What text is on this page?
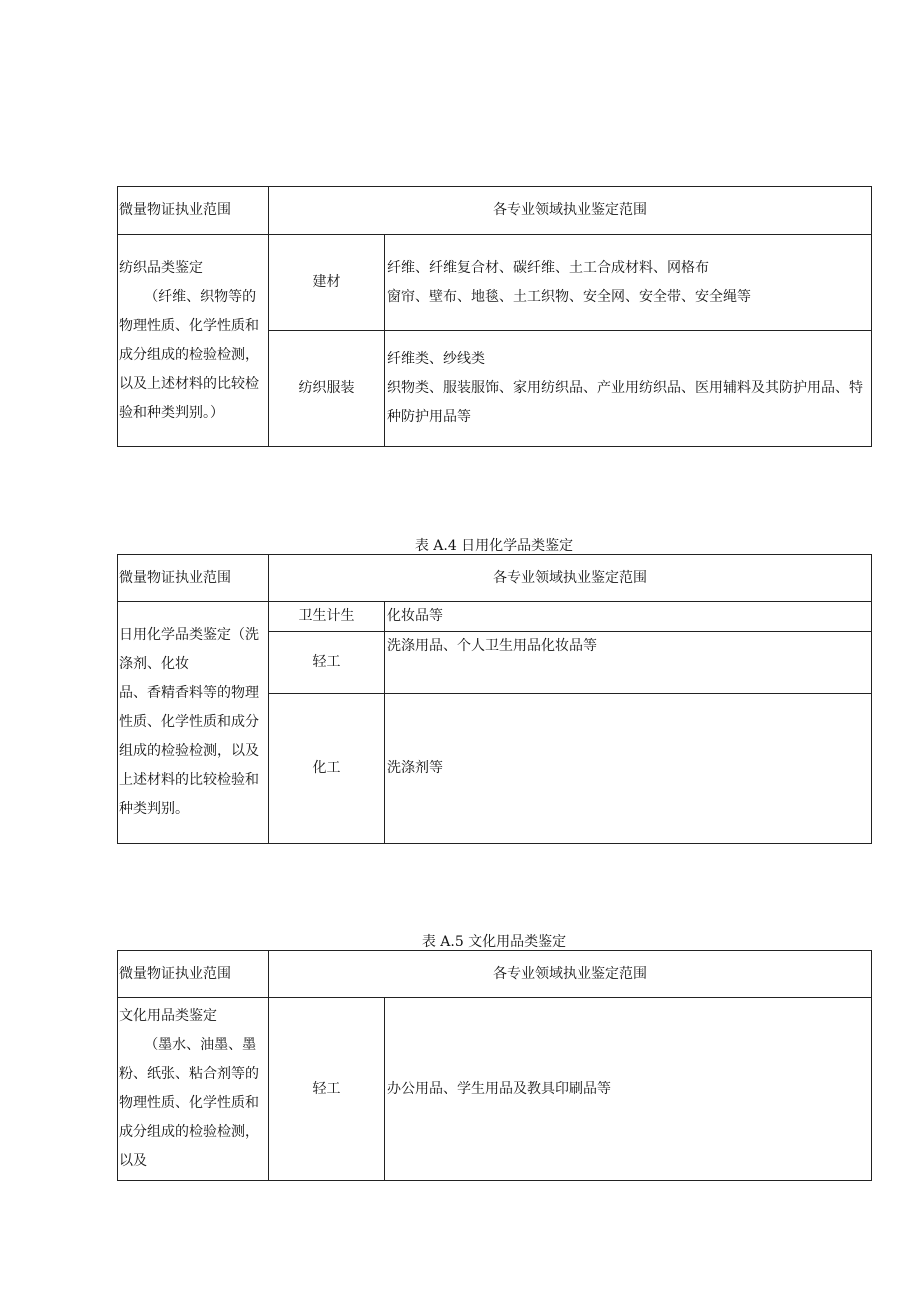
微量物证执业范围	各专业领域执业鉴定范围	

纺织品类鉴定
（纤维、织物等的物理性质、化学性质和成分组成的检验检测，以及上述材料的比较检验和种类判别。）	建材	纤维、纤维复合材、碳纤维、土工合成材料、网格布
窗帘、壁布、地毯、土工织物、安全网、安全带、安全绳等

	纺织服装	纤维类、纱线类
织物类、服装服饰、家用纺织品、产业用纺织品、医用辅料及其防护用品、特种防护用品等
表 A.4 日用化学品类鉴定
微量物证执业范围	各专业领域执业鉴定范围	

日用化学品类鉴定（洗涤剂、化妆
品、香精香料等的物理性质、化学性质和成分组成的检验检测，以及上述材料的比较检验和种类判别。	卫生计生	化妆品等
	轻工	洗涤用品、个人卫生用品化妆品等
	化工	洗涤剂等
表 A.5 文化用品类鉴定
微量物证执业范围	各专业领域执业鉴定范围	

文化用品类鉴定
（墨水、油墨、墨粉、纸张、粘合剂等的物理性质、化学性质和成分组成的检验检测，以及	轻工	办公用品、学生用品及教具印刷品等
